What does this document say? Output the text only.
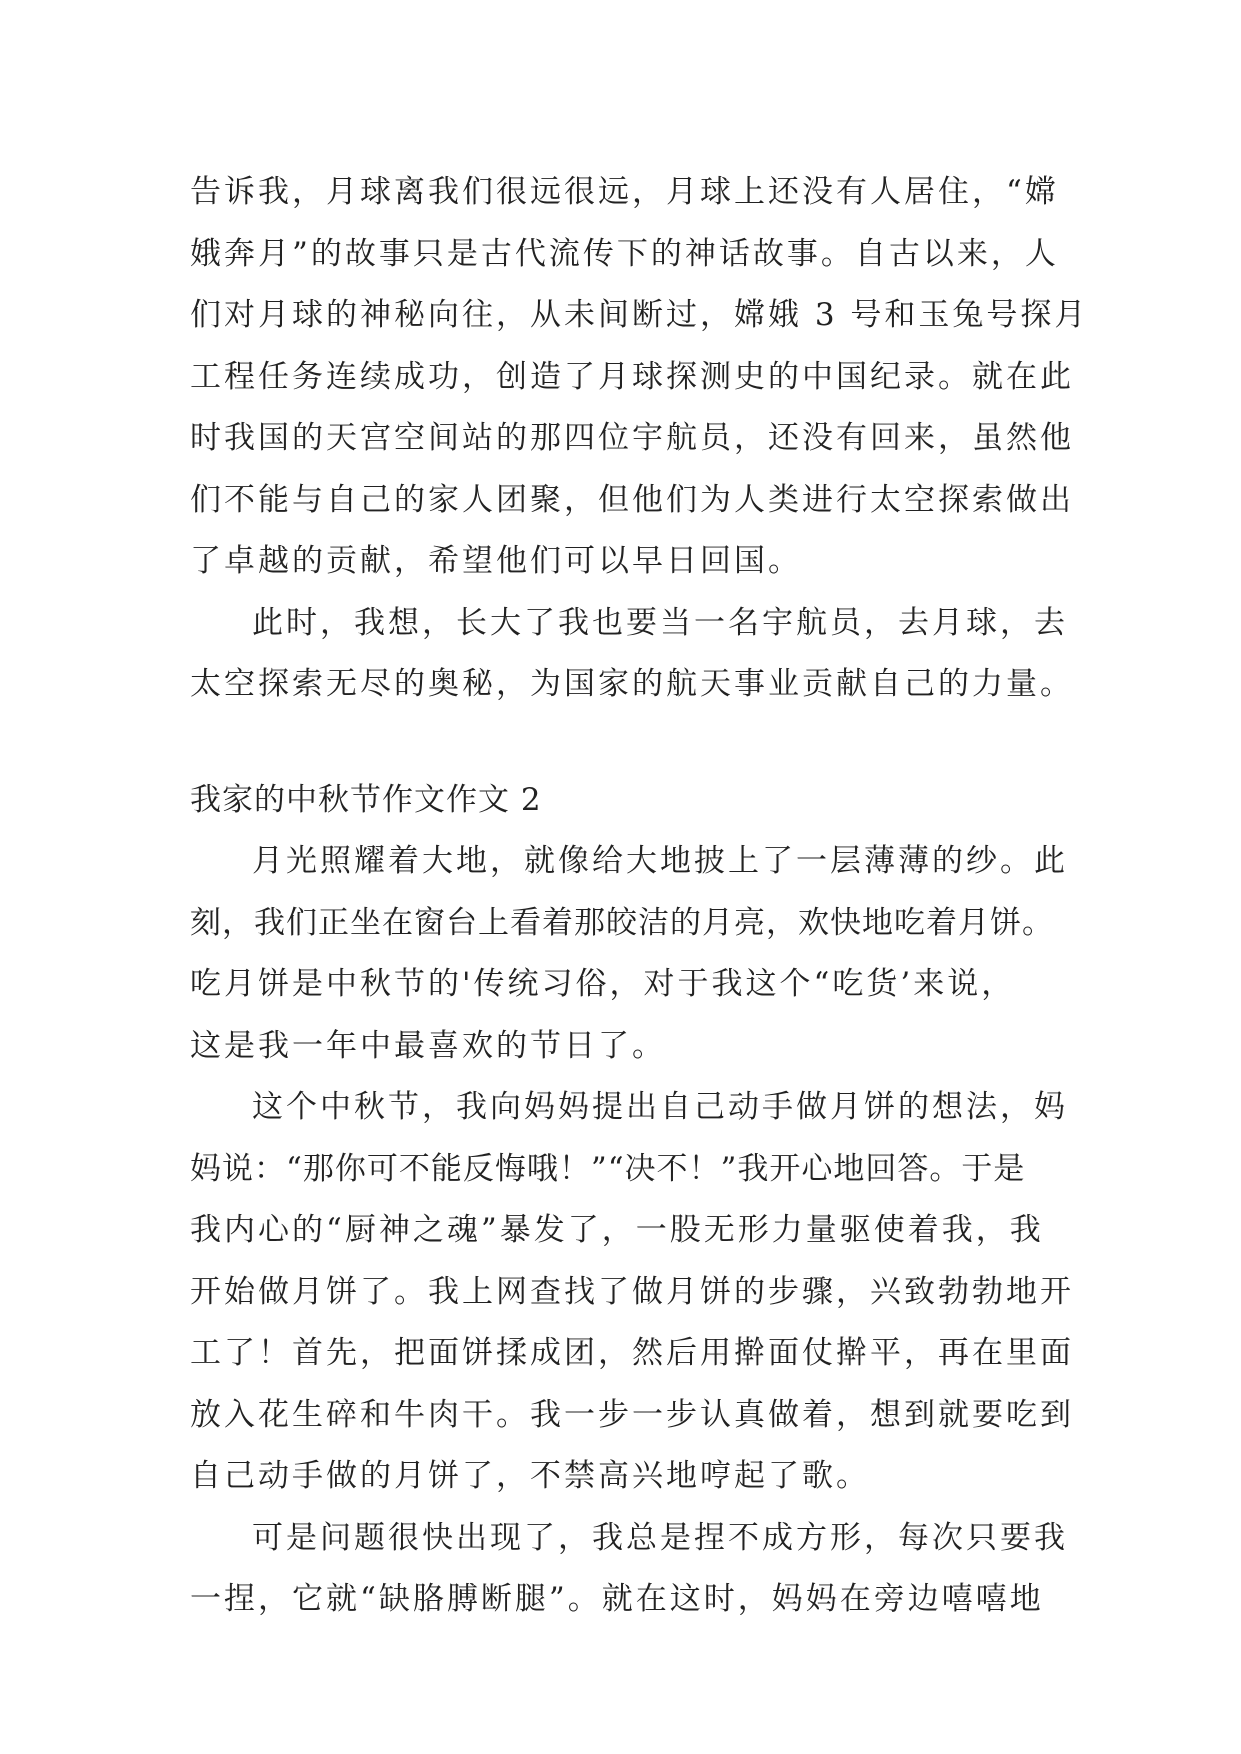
告诉我，月球离我们很远很远，月球上还没有人居住，“嫦
娥奔月”的故事只是古代流传下的神话故事。自古以来，人
们对月球的神秘向往，从未间断过，嫦娥 3 号和玉兔号探月
工程任务连续成功，创造了月球探测史的中国纪录。就在此
时我国的天宫空间站的那四位宇航员，还没有回来，虽然他
们不能与自己的家人团聚，但他们为人类进行太空探索做出
了卓越的贡献，希望他们可以早日回国。
此时，我想，长大了我也要当一名宇航员，去月球，去
太空探索无尽的奥秘，为国家的航天事业贡献自己的力量。
我家的中秋节作文作文 2
月光照耀着大地，就像给大地披上了一层薄薄的纱。此
刻，我们正坐在窗台上看着那皎洁的月亮，欢快地吃着月饼。
吃月饼是中秋节的'传统习俗，对于我这个“吃货’来说，
这是我一年中最喜欢的节日了。
这个中秋节，我向妈妈提出自己动手做月饼的想法，妈
妈说：“那你可不能反悔哦！”“决不！”我开心地回答。于是
我内心的“厨神之魂”暴发了，一股无形力量驱使着我，我
开始做月饼了。我上网查找了做月饼的步骤，兴致勃勃地开
工了！首先，把面饼揉成团，然后用擀面仗擀平，再在里面
放入花生碎和牛肉干。我一步一步认真做着，想到就要吃到
自己动手做的月饼了，不禁高兴地哼起了歌。
可是问题很快出现了，我总是捏不成方形，每次只要我
一捏，它就“缺胳膊断腿”。就在这时，妈妈在旁边嘻嘻地
